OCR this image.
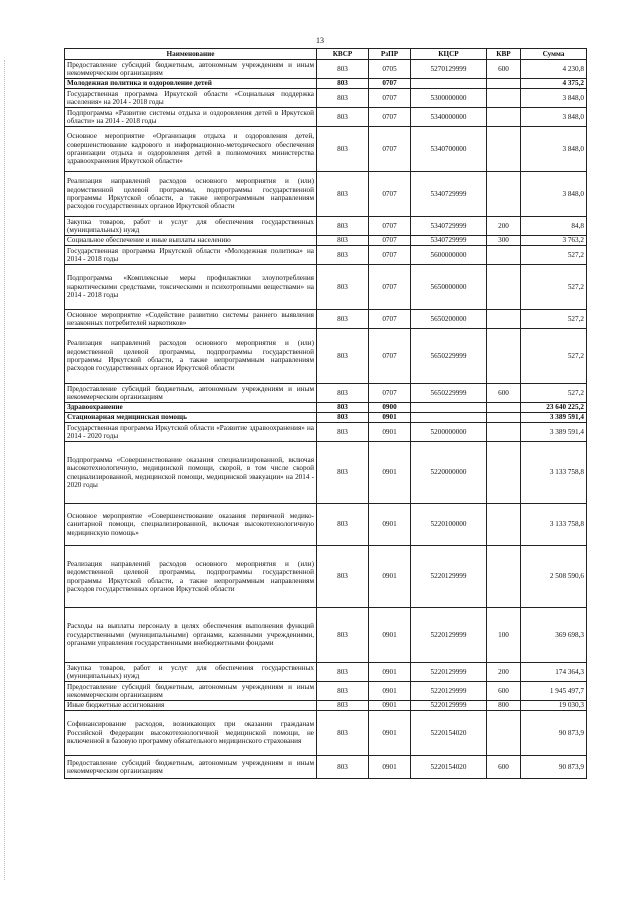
13
Наименование	КВСР	РзПР	КЦСР	КВР	Сумма
Предоставление субсидий бюджетным, автономным учреждениям и иным некоммерческим организациям	803	0705	5270129999	600	4 230,8
Молодежная политика и оздоровление детей	803	0707			4 375,2
Государственная программа Иркутской области «Социальная поддержка населения» на 2014 - 2018 годы	803	0707	5300000000		3 848,0
Подпрограмма «Развитие системы отдыха и оздоровления детей в Иркутской области» на 2014 - 2018 годы	803	0707	5340000000		3 848,0
Основное мероприятие «Организация отдыха и оздоровления детей, совершенствование кадрового и информационно-методического обеспечения организации отдыха и оздоровления детей в полномочиях министерства здравоохранения Иркутской области»	803	0707	5340700000		3 848,0
Реализация направлений расходов основного мероприятия и (или) ведомственной целевой программы, подпрограммы государственной программы Иркутской области, а также непрограммным направлениям расходов государственных органов Иркутской области	803	0707	5340729999		3 848,0
Закупка товаров, работ и услуг для обеспечения государственных (муниципальных) нужд	803	0707	5340729999	200	84,8
Социальное обеспечение и иные выплаты населению	803	0707	5340729999	300	3 763,2
Государственная программа Иркутской области «Молодежная политика» на 2014 - 2018 годы	803	0707	5600000000		527,2
Подпрограмма «Комплексные меры профилактики злоупотребления наркотическими средствами, токсическими и психотропными веществами» на 2014 - 2018 годы	803	0707	5650000000		527,2
Основное мероприятие «Содействие развитию системы раннего выявления незаконных потребителей наркотиков»	803	0707	5650200000		527,2
Реализация направлений расходов основного мероприятия и (или) ведомственной целевой программы, подпрограммы государственной программы Иркутской области, а также непрограммным направлениям расходов государственных органов Иркутской области	803	0707	5650229999		527,2
Предоставление субсидий бюджетным, автономным учреждениям и иным некоммерческим организациям	803	0707	5650229999	600	527,2
Здравоохранение	803	0900			23 640 225,2
Стационарная медицинская помощь	803	0901			3 389 591,4
Государственная программа Иркутской области «Развитие здравоохранения» на 2014 - 2020 годы	803	0901	5200000000		3 389 591,4
Подпрограмма «Совершенствование оказания специализированной, включая высокотехнологичную, медицинской помощи, скорой, в том числе скорой специализированной, медицинской помощи, медицинской эвакуации» на 2014 - 2020 годы	803	0901	5220000000		3 133 758,8
Основное мероприятие «Совершенствование оказания первичной медико-санитарной помощи, специализированной, включая высокотехнологичную медицинскую помощь»	803	0901	5220100000		3 133 758,8
Реализация направлений расходов основного мероприятия и (или) ведомственной целевой программы, подпрограммы государственной программы Иркутской области, а также непрограммным направлениям расходов государственных органов Иркутской области	803	0901	5220129999		2 508 590,6
Расходы на выплаты персоналу в целях обеспечения выполнения функций государственными (муниципальными) органами, казенными учреждениями, органами управления государственными внебюджетными фондами	803	0901	5220129999	100	369 698,3
Закупка товаров, работ и услуг для обеспечения государственных (муниципальных) нужд	803	0901	5220129999	200	174 364,3
Предоставление субсидий бюджетным, автономным учреждениям и иным некоммерческим организациям	803	0901	5220129999	600	1 945 497,7
Иные бюджетные ассигнования	803	0901	5220129999	800	19 030,3
Софинансирование расходов, возникающих при оказании гражданам Российской Федерации высокотехнологичной медицинской помощи, не включенной в базовую программу обязательного медицинского страхования	803	0901	5220154020		90 873,9
Предоставление субсидий бюджетным, автономным учреждениям и иным некоммерческим организациям	803	0901	5220154020	600	90 873,9
